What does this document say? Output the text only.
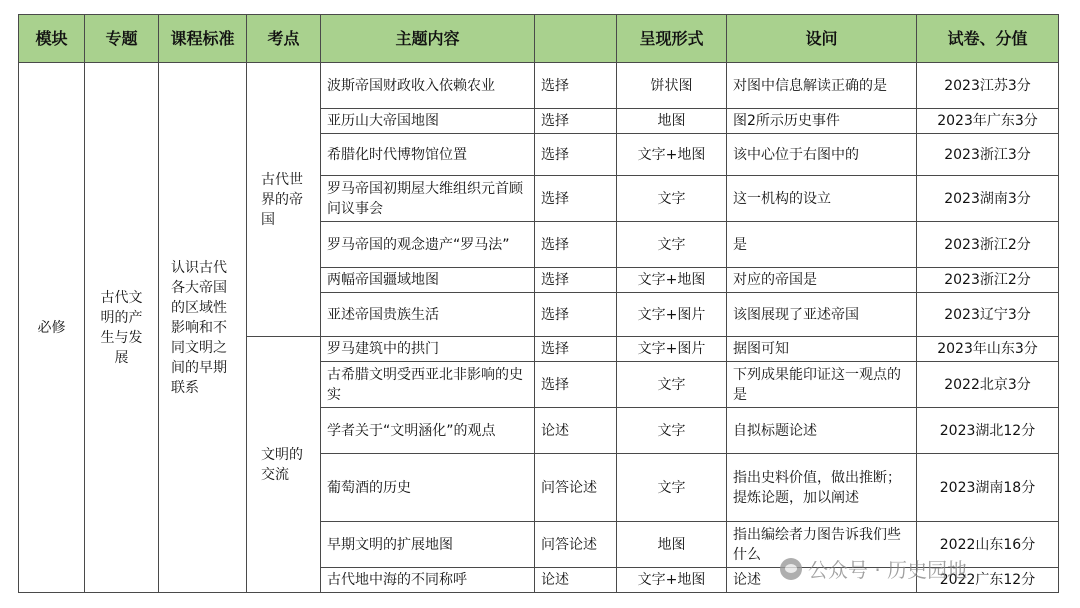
模块	专题	课程标准	考点	主题内容		呈现形式	设问	试卷、分值
必修	古代文明的产生与发展	认识古代各大帝国的区域性影响和不同文明之间的早期联系	古代世界的帝国	波斯帝国财政收入依赖农业	选择	饼状图	对图中信息解读正确的是	2023江苏3分
				亚历山大帝国地图	选择	地图	图2所示历史事件	2023年广东3分
				希腊化时代博物馆位置	选择	文字+地图	该中心位于右图中的	2023浙江3分
				罗马帝国初期屋大维组织元首顾问议事会	选择	文字	这一机构的设立	2023湖南3分
				罗马帝国的观念遗产“罗马法”	选择	文字	是	2023浙江2分
				两幅帝国疆域地图	选择	文字+地图	对应的帝国是	2023浙江2分
				亚述帝国贵族生活	选择	文字+图片	该图展现了亚述帝国	2023辽宁3分
			文明的交流	罗马建筑中的拱门	选择	文字+图片	据图可知	2023年山东3分
				古希腊文明受西亚北非影响的史实	选择	文字	下列成果能印证这一观点的是	2022北京3分
				学者关于“文明涵化”的观点	论述	文字	自拟标题论述	2023湖北12分
				葡萄酒的历史	问答论述	文字	指出史料价值，做出推断；提炼论题，加以阐述	2023湖南18分
				早期文明的扩展地图	问答论述	地图	指出编绘者力图告诉我们些什么	2022山东16分
				古代地中海的不同称呼	论述	文字+地图	论述	2022广东12分
公众号 · 历史园地
